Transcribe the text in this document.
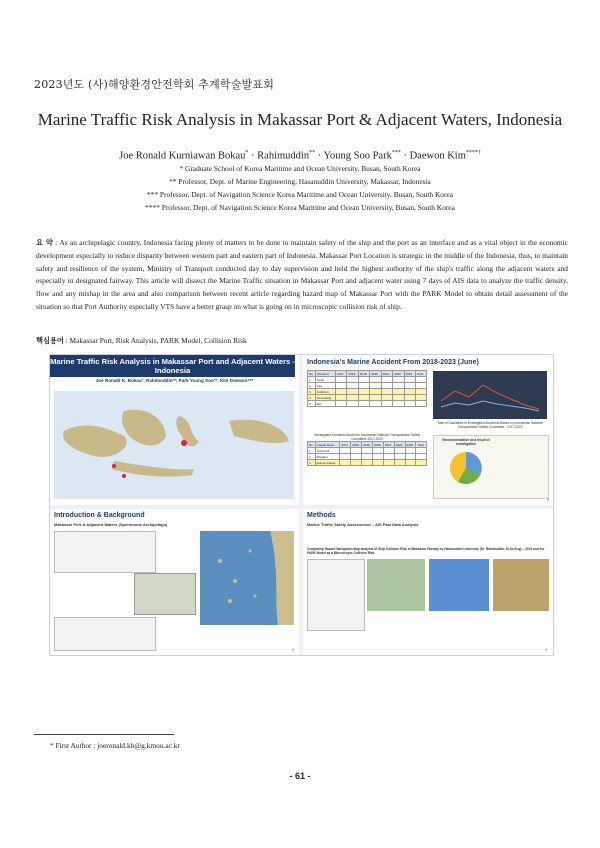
2023년도 (사)해양환경안전학회 추계학술발표회
Marine Traffic Risk Analysis in Makassar Port & Adjacent Waters, Indonesia
Joe Ronald Kurniawan Bokau* · Rahimuddin** · Young Soo Park*** · Daewon Kim****†
* Graduate School of Korea Maritime and Ocean University, Busan, South Korea
** Professor, Dept. of Marine Engineering, Hasanuddin University, Makassar, Indonesia
*** Professor, Dept. of Navigation Science Korea Maritime and Ocean University, Busan, South Korea
**** Professor, Dept. of Navigation Science Korea Maritime and Ocean University, Busan, South Korea
요 약 : As an archipelagic country, Indonesia facing plenty of matters to be done to maintain safety of the ship and the port as an interface and as a vital object in the economic development especially to reduce disparity between western part and eastern part of Indonesia. Makassar Port Location is strategic in the middle of the Indonesia, thus, to maintain safety and resilience of the system, Ministry of Transport conducted day to day supervision and held the highest authority of the ship's traffic along the adjacent waters and especially in designated fairway. This article will dissect the Marine Traffic situation in Makassar Port and adjacent water using 7 days of AIS data to analyze the traffic density, flow and any mishap in the area and also comparison between recent article regarding hazard map of Makassar Port with the PARK Model to obtain detail assessment of the situation so that Port Authority especially VTS have a better grasp on what is going on in microscopic collision risk of ship.
핵심용어 : Makassar Port, Risk Analysis, PARK Model, Collision Risk
Marine Traffic Risk Analysis in Makassar Port and Adjacent Waters - Indonesia
Joe Ronald K. Bokau¹; Rahimuddin²*; Park Young Soo³*; Kim Daewon⁴**
Indonesia's Marine Accident From 2018-2023 (June)
No	Accident	2017	2018	2019	2020	2021	2022	2023	Total
1	Sunk								
2	Fire								
3	Collision								
4	Grounding								
5	Etc								
Total of Casualties in Investigated Accidents Based on Indonesian National Transportation Safety Committee - 2017-2023
Investigated Accidents Based on Indonesian National Transportation Safety Committee 2017-2023
No	Casual factor	2017	2018	2019	2020	2021	2022	2023	Total
1	Technical								
2	Weather								
3	Human Factor								
Recommendation as a result of investigation
2
Introduction & Background
Makassar Port & Adjacent Waters (Spermonde Archipelago)
3
Methods
Marine Traffic Safety Assessment – AIS Past Data Analysis
Comparing Hazard Navigation Map analysis of Ship Collision Risk in Makassar Fairway by Hasanuddin University (Dr. Rahimuddin, M.Sc.Eng) – 2019 and the PARK Model as a Microscopic Collision Risk
4
* First Author : joeronald.kb@g.kmou.ac.kr
- 61 -
